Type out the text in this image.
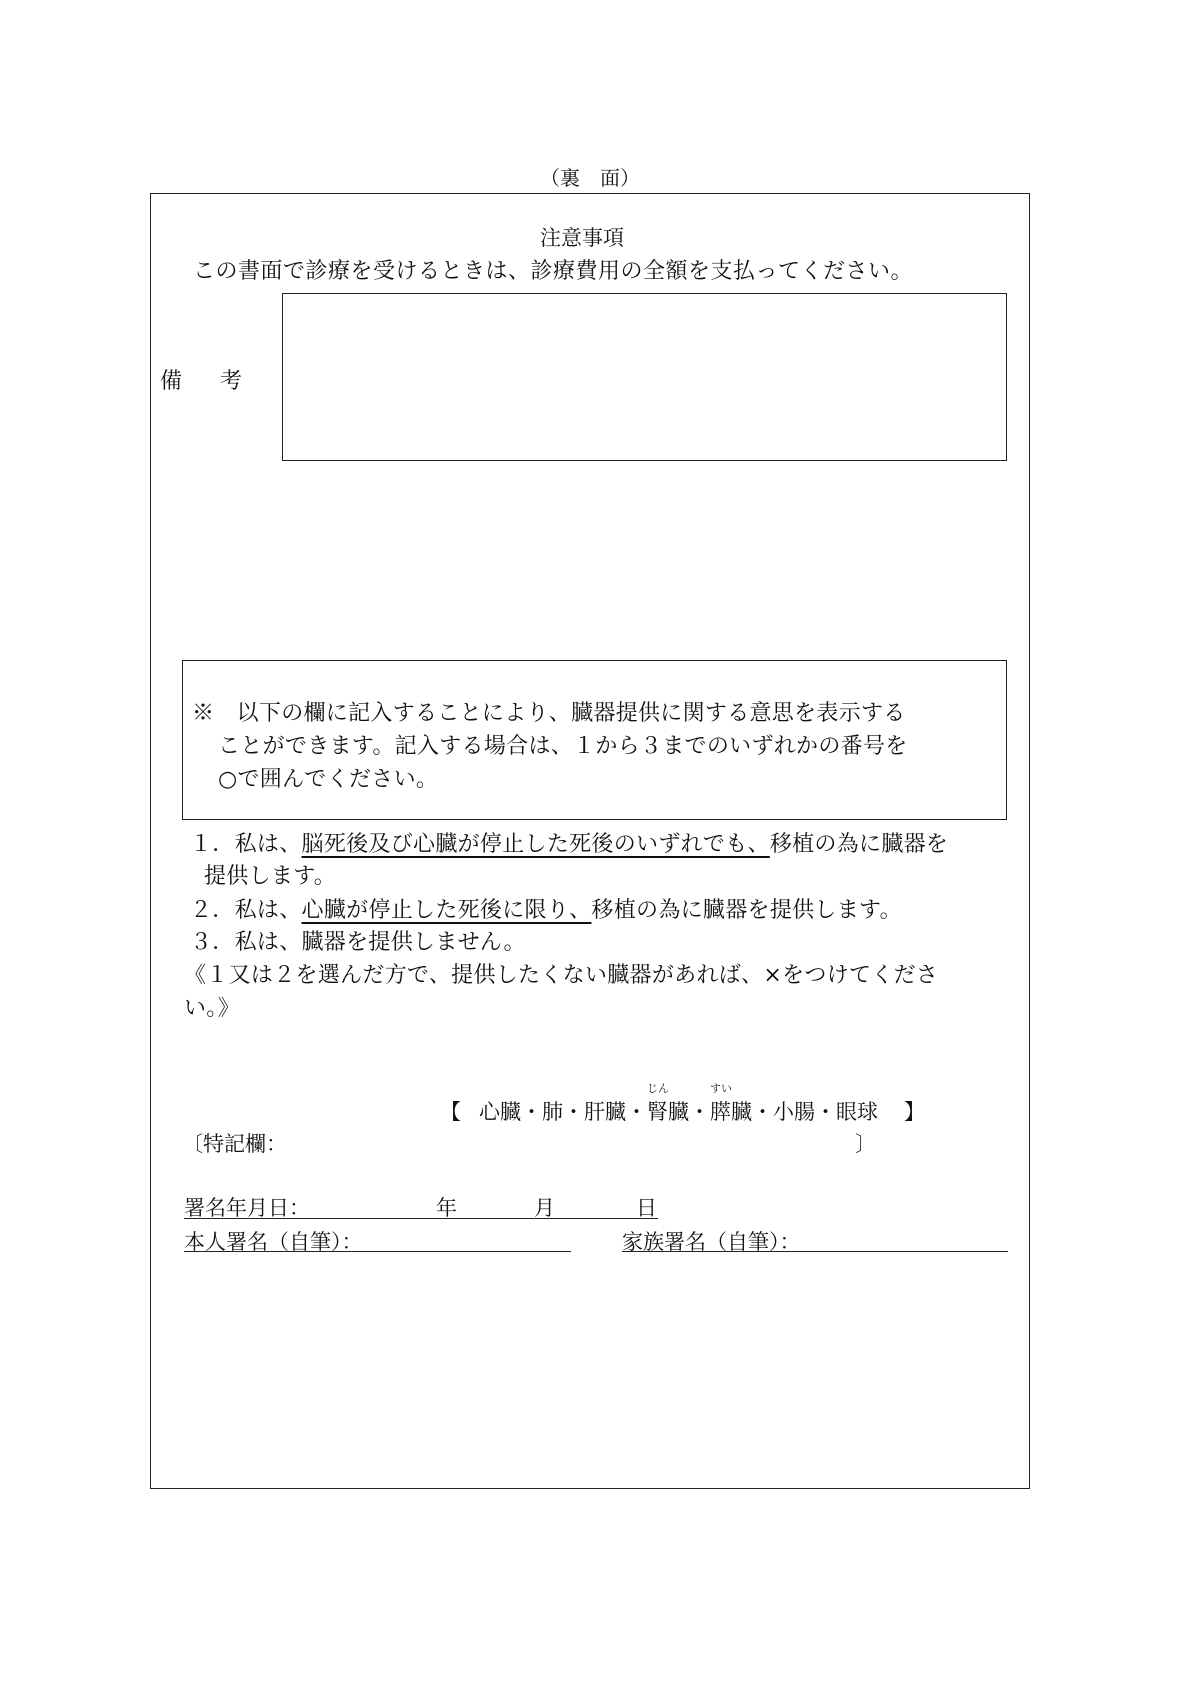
（裏　面）
注意事項
この書面で診療を受けるときは、診療費用の全額を支払ってください。
備考
※　以下の欄に記入することにより、臓器提供に関する意思を表示する
ことができます。記入する場合は、１から３までのいずれかの番号を
○で囲んでください。
１．私は、脳死後及び心臓が停止した死後のいずれでも、移植の為に臓器を
提供します。
２．私は、心臓が停止した死後に限り、移植の為に臓器を提供します。
３．私は、臓器を提供しません。
《１又は２を選んだ方で、提供したくない臓器があれば、×をつけてくださ
い。》
【 心臓・肺・肝臓・
じん
腎臓・
すい
膵臓・小腸・眼球 】
〔特記欄：	〕
署名年月日：	年	月	日
本人署名（自筆）：	家族署名（自筆）：
